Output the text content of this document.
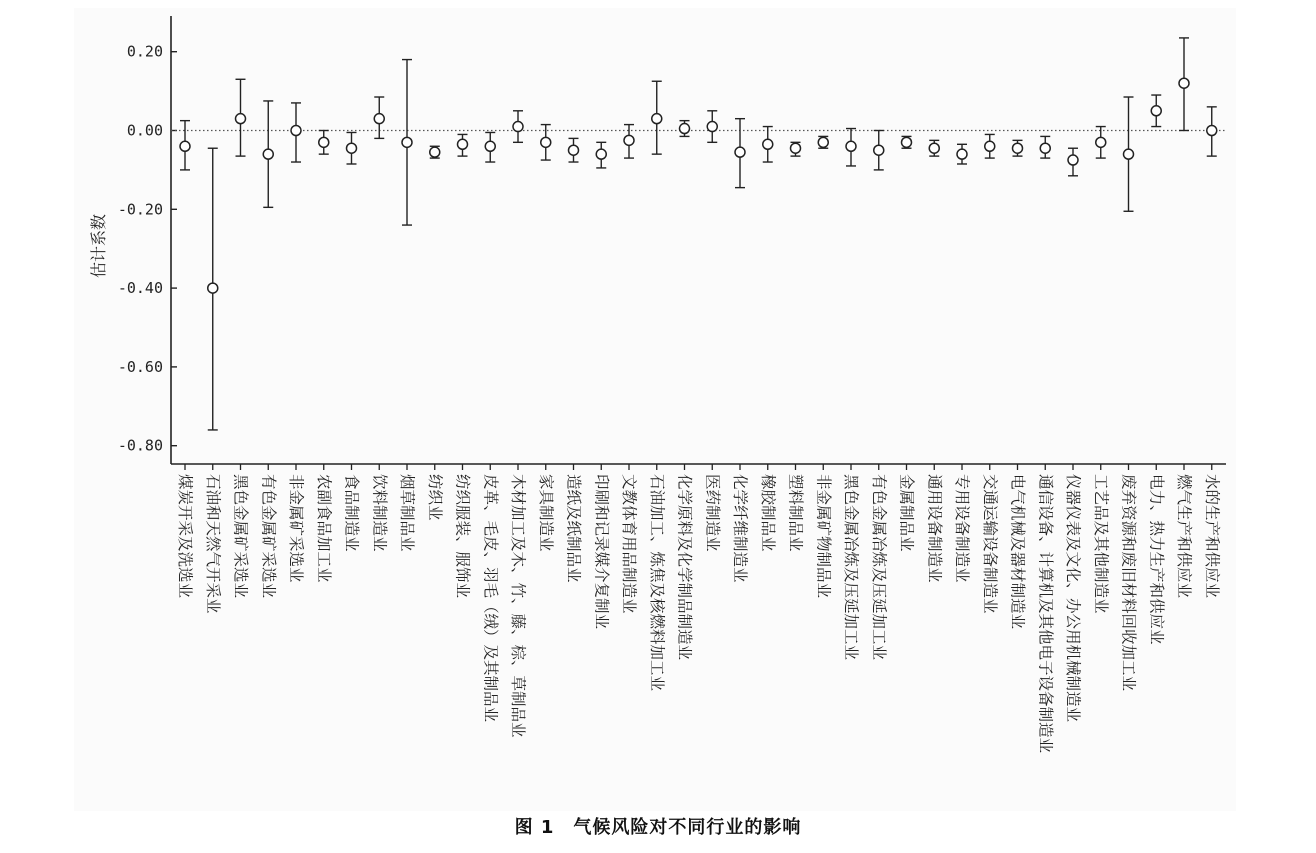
0.20
0.00
-0.20
-0.40
-0.60
-0.80
煤炭开采及洗选业 石油和天然气开采业 黑色金属矿采选业 有色金属矿采选业 非金属矿采选业 农副食品加工业 食品制造业 饮料制造业 烟草制品业 纺织业 纺织服装、服饰业 皮革、毛皮、羽毛（绒）及其制品业 木材加工及木、竹、藤、棕、草制品业 家具制造业 造纸及纸制品业 印刷和记录媒介复制业 文教体育用品制造业 石油加工、炼焦及核燃料加工业 化学原料及化学制品制造业 医药制造业 化学纤维制造业 橡胶制品业 塑料制品业 非金属矿物制品业 黑色金属冶炼及压延加工业 有色金属冶炼及压延加工业 金属制品业 通用设备制造业 专用设备制造业 交通运输设备制造业 电气机械及器材制造业 通信设备、计算机及其他电子设备制造业 仪器仪表及文化、办公用机械制造业 工艺品及其他制造业 废弃资源和废旧材料回收加工业 电力、热力生产和供应业 燃气生产和供应业 水的生产和供应业
估计系数
图 1　气候风险对不同行业的影响
